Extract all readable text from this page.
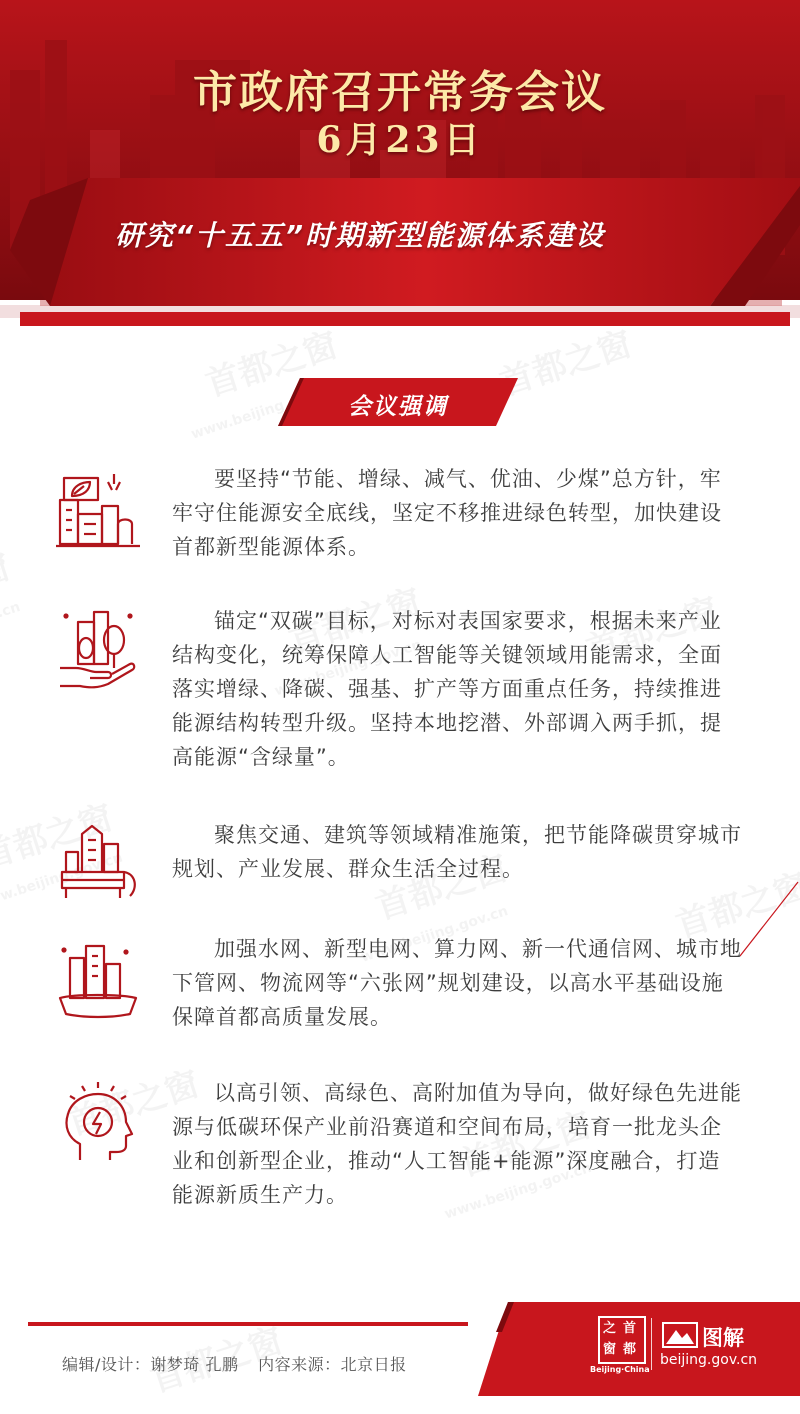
市政府召开常务会议
6月23日
研究“十五五”时期新型能源体系建设
会议强调
要坚持“节能、增绿、减气、优油、少煤”总方针，牢牢守住能源安全底线，坚定不移推进绿色转型，加快建设首都新型能源体系。
锚定“双碳”目标，对标对表国家要求，根据未来产业结构变化，统筹保障人工智能等关键领域用能需求，全面落实增绿、降碳、强基、扩产等方面重点任务，持续推进能源结构转型升级。坚持本地挖潜、外部调入两手抓，提高能源“含绿量”。
聚焦交通、建筑等领域精准施策，把节能降碳贯穿城市规划、产业发展、群众生活全过程。
加强水网、新型电网、算力网、新一代通信网、城市地下管网、物流网等“六张网”规划建设，以高水平基础设施保障首都高质量发展。
以高引领、高绿色、高附加值为导向，做好绿色先进能源与低碳环保产业前沿赛道和空间布局，培育一批龙头企业和创新型企业，推动“人工智能+能源”深度融合，打造能源新质生产力。
编辑/设计：谢梦琦 孔鹏 内容来源：北京日报
之 首
窗 都
Beijing·China
图解
beijing.gov.cn
